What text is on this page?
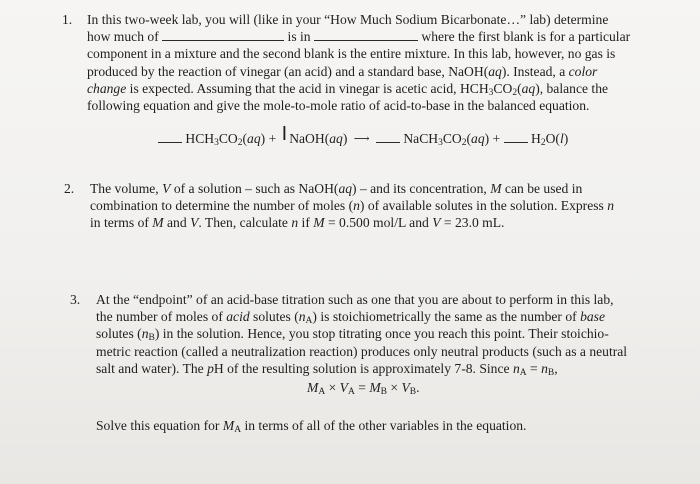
1. In this two-week lab, you will (like in your “How Much Sodium Bicarbonate…” lab) determine
how much of	is in	where the first blank is for a particular
component in a mixture and the second blank is the entire mixture. In this lab, however, no gas is
produced by the reaction of vinegar (an acid) and a standard base, NaOH(aq). Instead, a color
change is expected. Assuming that the acid in vinegar is acetic acid, $HCH_3CO_2(aq)$, balance the
following equation and give the mole-to-mole ratio of acid-to-base in the balanced equation.
$HCH_3CO_2(aq) + I$ NaOH(aq) ⟶ $NaCH_3CO_2(aq) + H_2O(l)$
2. The volume, V of a solution – such as NaOH(aq) – and its concentration, M can be used in
combination to determine the number of moles (n) of available solutes in the solution. Express n
in terms of M and V. Then, calculate n if M = 0.500 mol/L and V = 23.0 mL.
3. At the “endpoint” of an acid-base titration such as one that you are about to perform in this lab,
the number of moles of acid solutes $(n_A)$ is stoichiometrically the same as the number of base
solutes $(n_B)$ in the solution. Hence, you stop titrating once you reach this point. Their stoichio-
metric reaction (called a neutralization reaction) produces only neutral products (such as a neutral
salt and water). The pH of the resulting solution is approximately 7-8. Since $n_A = n_B$,
$M_A \times V_A = M_B \times V_B$.
Solve this equation for $M_A$ in terms of all of the other variables in the equation.
